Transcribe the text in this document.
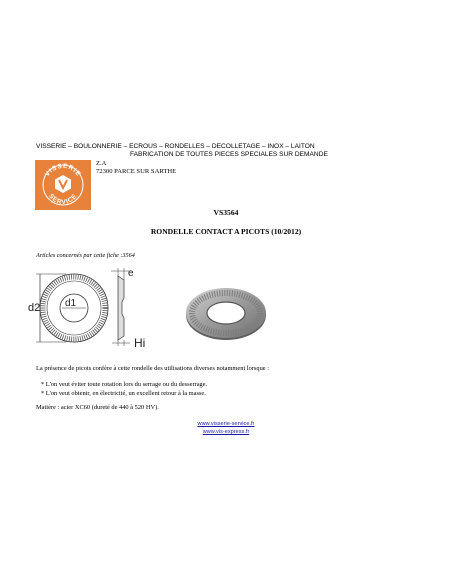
VISSERIE – BOULONNERIE – ECROUS – RONDELLES – DECOLLETAGE – INOX – LAITON
FABRICATION DE TOUTES PIECES SPECIALES SUR DEMANDE
VISSERIE
SERVICE
Z.A
72300 PARCE SUR SARTHE
VS3564
RONDELLE CONTACT A PICOTS (10/2012)
Articles concernés par cette fiche :3564
d2 d1
e
Hi
La présence de picots confère à cette rondelle des utilisations diverses notamment lorsque :
* L'on veut éviter toute rotation lors du serrage ou du desserrage.
* L'on veut obtenir, en électricité, un excellent retour à la masse.
Matière : acier XC60 (dureté de 440 à 520 HV).
www.visserie-service.fr
www.vis-express.fr
